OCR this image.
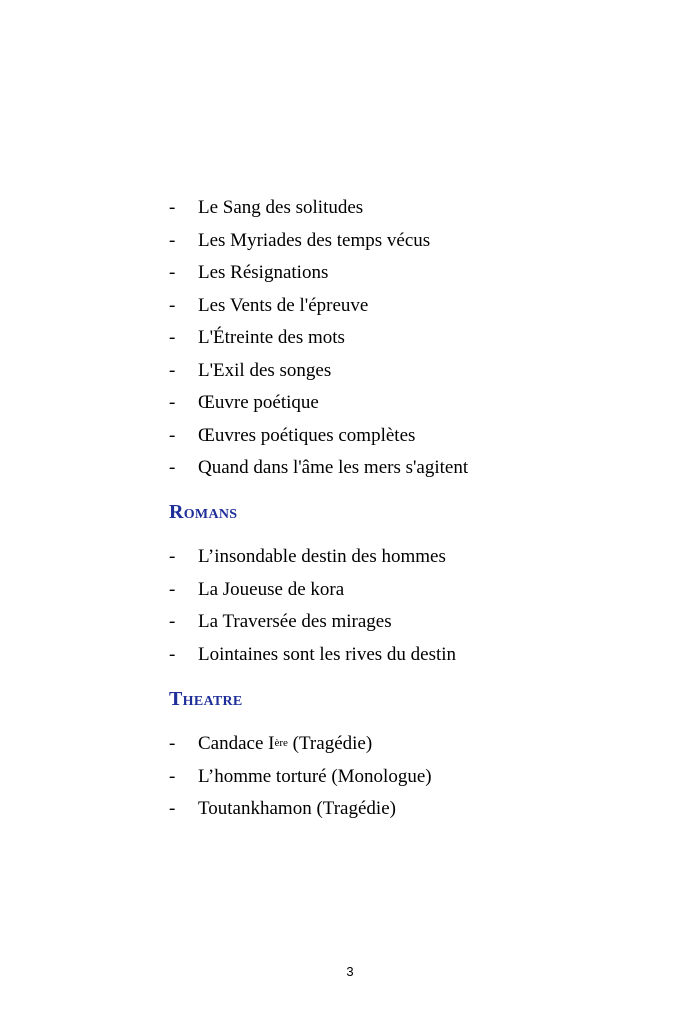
- Le Sang des solitudes
- Les Myriades des temps vécus
- Les Résignations
- Les Vents de l'épreuve
- L'Étreinte des mots
- L'Exil des songes
- Œuvre poétique
- Œuvres poétiques complètes
- Quand dans l'âme les mers s'agitent
Romans
- L’insondable destin des hommes
- La Joueuse de kora
- La Traversée des mirages
- Lointaines sont les rives du destin
Theatre
- Candace Ière (Tragédie)
- L’homme torturé (Monologue)
- Toutankhamon (Tragédie)
3
